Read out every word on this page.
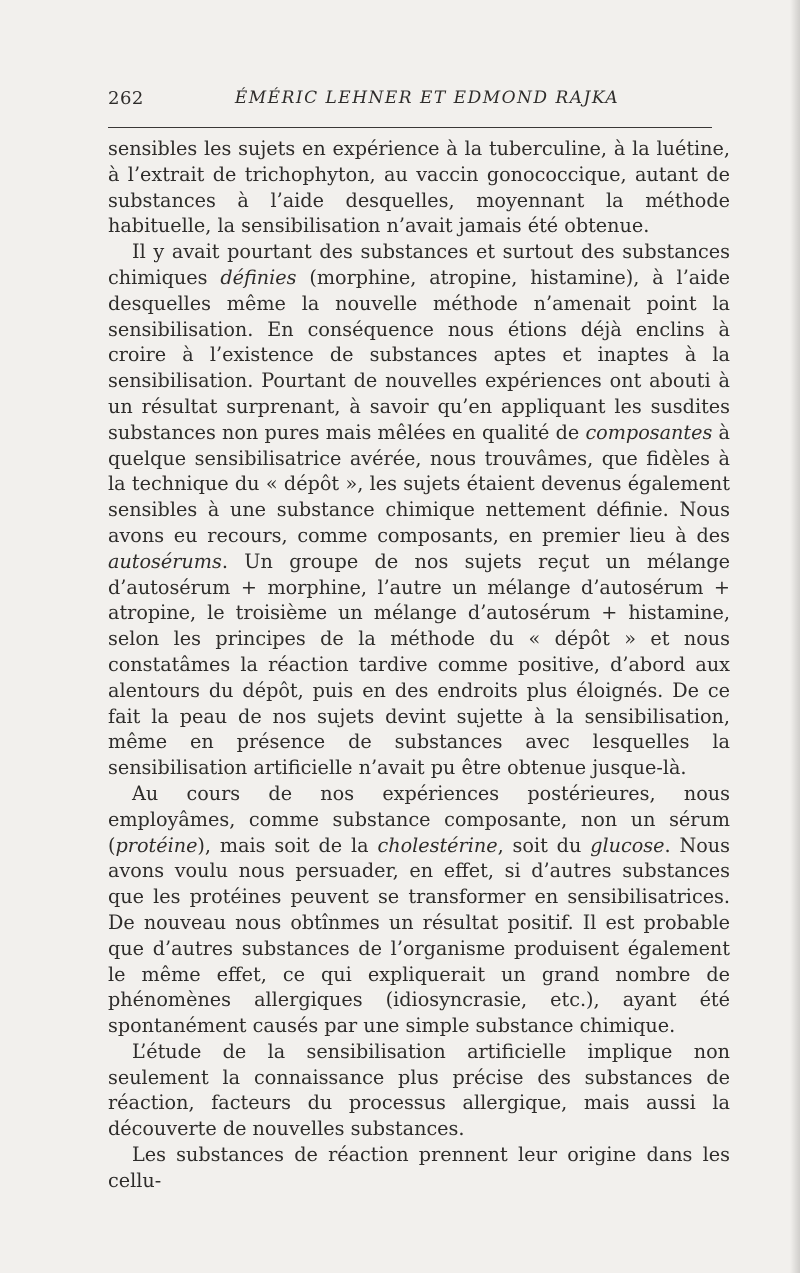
262	ÉMÉRIC LEHNER ET EDMOND RAJKA

sensibles les sujets en expérience à la tuberculine, à la luétine, à l’extrait de trichophyton, au vaccin gonococcique, autant de substances à l’aide desquelles, moyennant la méthode habituelle, la sensibilisation n’avait jamais été obtenue.

Il y avait pourtant des substances et surtout des substances chimiques définies (morphine, atropine, histamine), à l’aide desquelles même la nouvelle méthode n’amenait point la sensibilisation. En conséquence nous étions déjà enclins à croire à l’existence de substances aptes et inaptes à la sensibilisation. Pourtant de nouvelles expériences ont abouti à un résultat surprenant, à savoir qu’en appliquant les susdites substances non pures mais mêlées en qualité de composantes à quelque sensibilisatrice avérée, nous trouvâmes, que fidèles à la technique du « dépôt », les sujets étaient devenus également sensibles à une substance chimique nettement définie. Nous avons eu recours, comme composants, en premier lieu à des autosérums. Un groupe de nos sujets reçut un mélange d’autosérum + morphine, l’autre un mélange d’autosérum + atropine, le troisième un mélange d’autosérum + histamine, selon les principes de la méthode du « dépôt » et nous constatâmes la réaction tardive comme positive, d’abord aux alentours du dépôt, puis en des endroits plus éloignés. De ce fait la peau de nos sujets devint sujette à la sensibilisation, même en présence de substances avec lesquelles la sensibilisation artificielle n’avait pu être obtenue jusque-là.

Au cours de nos expériences postérieures, nous employâmes, comme substance composante, non un sérum (protéine), mais soit de la cholestérine, soit du glucose. Nous avons voulu nous persuader, en effet, si d’autres substances que les protéines peuvent se transformer en sensibilisatrices. De nouveau nous obtînmes un résultat positif. Il est probable que d’autres substances de l’organisme produisent également le même effet, ce qui expliquerait un grand nombre de phénomènes allergiques (idiosyncrasie, etc.), ayant été spontanément causés par une simple substance chimique.

L’étude de la sensibilisation artificielle implique non seulement la connaissance plus précise des substances de réaction, facteurs du processus allergique, mais aussi la découverte de nouvelles substances.

Les substances de réaction prennent leur origine dans les cellu-
